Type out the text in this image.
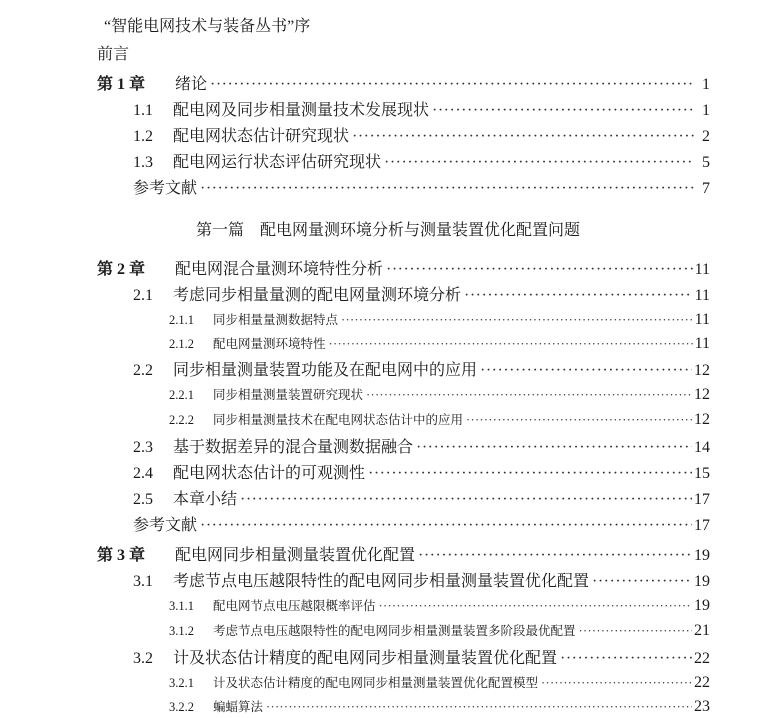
“智能电网技术与装备丛书”序
前言
第 1 章	绪论 ·····	1
1.1	配电网及同步相量测量技术发展现状 ·····	1
1.2	配电网状态估计研究现状 ·····	2
1.3	配电网运行状态评估研究现状 ·····	5
参考文献 ·····	7
第一篇　配电网量测环境分析与测量装置优化配置问题
第 2 章	配电网混合量测环境特性分析 ·····	11
2.1	考虑同步相量量测的配电网量测环境分析 ·····	11
2.1.1	同步相量量测数据特点 ·····	11
2.1.2	配电网量测环境特性 ·····	11
2.2	同步相量测量装置功能及在配电网中的应用 ·····	12
2.2.1	同步相量测量装置研究现状 ·····	12
2.2.2	同步相量测量技术在配电网状态估计中的应用 ·····	12
2.3	基于数据差异的混合量测数据融合 ·····	14
2.4	配电网状态估计的可观测性 ·····	15
2.5	本章小结 ·····	17
参考文献 ·····	17
第 3 章	配电网同步相量测量装置优化配置 ·····	19
3.1	考虑节点电压越限特性的配电网同步相量测量装置优化配置 ·····	19
3.1.1	配电网节点电压越限概率评估 ·····	19
3.1.2	考虑节点电压越限特性的配电网同步相量测量装置多阶段最优配置 ·····	21
3.2	计及状态估计精度的配电网同步相量测量装置优化配置 ·····	22
3.2.1	计及状态估计精度的配电网同步相量测量装置优化配置模型 ·····	22
3.2.2	蝙蝠算法 ·····	23
